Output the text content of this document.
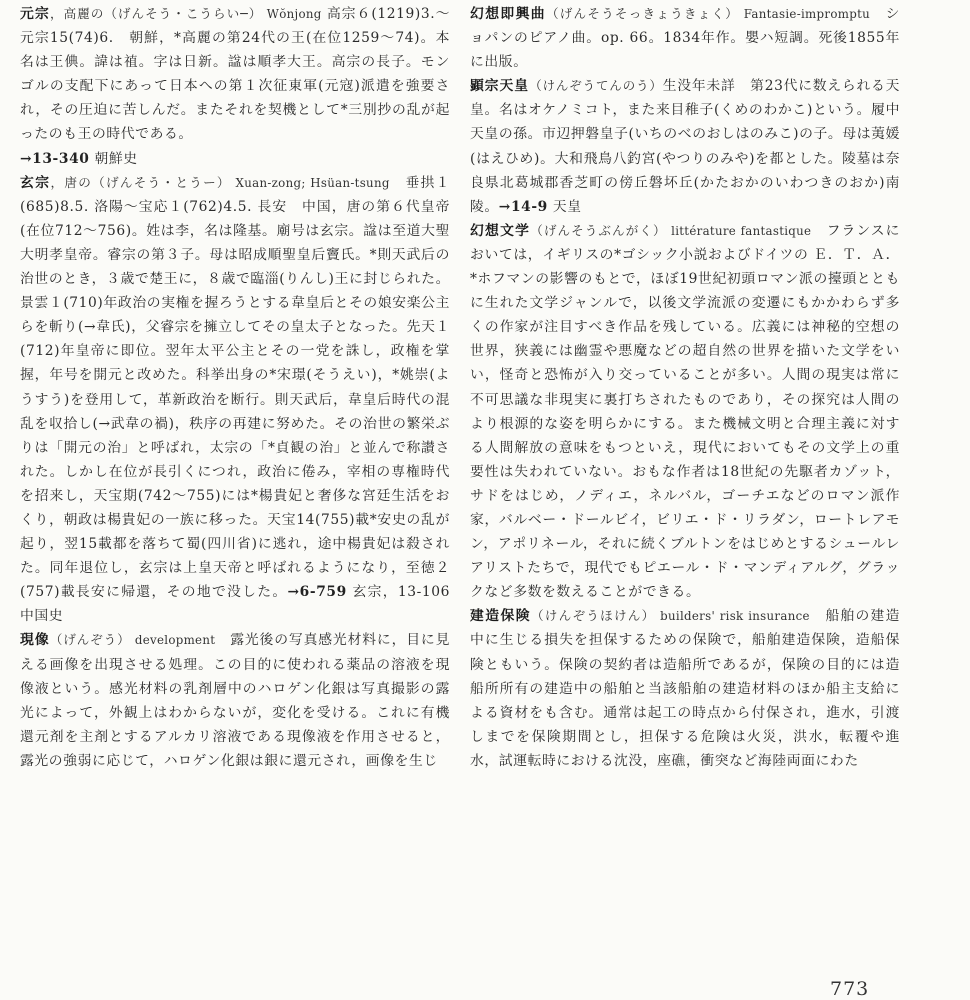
元宗，高麗の（げんそう・こうらい─） Wŏnjong 高宗６(1219)3.～元宗15(74)6.　朝鮮，*高麗の第24代の王(在位1259～74)。本名は王倎。諱は禃。字は日新。諡は順孝大王。高宗の長子。モンゴルの支配下にあって日本への第１次征東軍(元寇)派遣を強要され，その圧迫に苦しんだ。またそれを契機として*三別抄の乱が起ったのも王の時代である。
→13-340 朝鮮史

玄宗，唐の（げんそう・とうー） Xuan-zong; Hsüan-tsung　垂拱１(685)8.5. 洛陽～宝応１(762)4.5. 長安　中国，唐の第６代皇帝(在位712～756)。姓は李，名は隆基。廟号は玄宗。諡は至道大聖大明孝皇帝。睿宗の第３子。母は昭成順聖皇后竇氏。*則天武后の治世のとき，３歳で楚王に，８歳で臨淄(りんし)王に封じられた。景雲１(710)年政治の実権を握ろうとする韋皇后とその娘安楽公主らを斬り(→韋氏)，父睿宗を擁立してその皇太子となった。先天１(712)年皇帝に即位。翌年太平公主とその一党を誅し，政権を掌握，年号を開元と改めた。科挙出身の*宋璟(そうえい)，*姚崇(ようすう)を登用して，革新政治を断行。則天武后，韋皇后時代の混乱を収拾し(→武韋の禍)，秩序の再建に努めた。その治世の繁栄ぶりは「開元の治」と呼ばれ，太宗の「*貞観の治」と並んで称讃された。しかし在位が長引くにつれ，政治に倦み，宰相の専権時代を招来し，天宝期(742～755)には*楊貴妃と奢侈な宮廷生活をおくり，朝政は楊貴妃の一族に移った。天宝14(755)載*安史の乱が起り，翌15載都を落ちて蜀(四川省)に逃れ，途中楊貴妃は殺された。同年退位し，玄宗は上皇天帝と呼ばれるようになり，至徳２(757)載長安に帰還，その地で没した。→6-759 玄宗，13-106 中国史

現像（げんぞう） development　露光後の写真感光材料に，目に見える画像を出現させる処理。この目的に使われる薬品の溶液を現像液という。感光材料の乳剤層中のハロゲン化銀は写真撮影の露光によって，外観上はわからないが，変化を受ける。これに有機還元剤を主剤とするアルカリ溶液である現像液を作用させると，露光の強弱に応じて，ハロゲン化銀は銀に還元され，画像を生じ

幻想即興曲（げんそうそっきょうきょく） Fantasie-impromptu　ショパンのピアノ曲。op. 66。1834年作。嬰ハ短調。死後1855年に出版。

顕宗天皇（けんぞうてんのう）生没年未詳　第23代に数えられる天皇。名はオケノミコト，また来目稚子(くめのわかこ)という。履中天皇の孫。市辺押磐皇子(いちのべのおしはのみこ)の子。母は荑媛(はえひめ)。大和飛鳥八釣宮(やつりのみや)を都とした。陵墓は奈良県北葛城郡香芝町の傍丘磐坏丘(かたおかのいわつきのおか)南陵。→14-9 天皇

幻想文学（げんそうぶんがく） littérature fantastique　フランスにおいては，イギリスの*ゴシック小説およびドイツの Ｅ．Ｔ．Ａ．*ホフマンの影響のもとで，ほぼ19世紀初頭ロマン派の擡頭とともに生れた文学ジャンルで，以後文学流派の変遷にもかかわらず多くの作家が注目すべき作品を残している。広義には神秘的空想の世界，狭義には幽霊や悪魔などの超自然の世界を描いた文学をいい，怪奇と恐怖が入り交っていることが多い。人間の現実は常に不可思議な非現実に裏打ちされたものであり，その探究は人間のより根源的な姿を明らかにする。また機械文明と合理主義に対する人間解放の意味をもつといえ，現代においてもその文学上の重要性は失われていない。おもな作者は18世紀の先駆者カゾット，サドをはじめ，ノディエ，ネルバル，ゴーチエなどのロマン派作家，バルベー・ドールビイ，ビリエ・ド・リラダン，ロートレアモン，アポリネール，それに続くブルトンをはじめとするシュールレアリストたちで，現代でもピエール・ド・マンディアルグ，グラックなど多数を数えることができる。

建造保険（けんぞうほけん） builders' risk insurance　船舶の建造中に生じる損失を担保するための保険で，船舶建造保険，造船保険ともいう。保険の契約者は造船所であるが，保険の目的には造船所所有の建造中の船舶と当該船舶の建造材料のほか船主支給による資材をも含む。通常は起工の時点から付保され，進水，引渡しまでを保険期間とし，担保する危険は火災，洪水，転覆や進水，試運転時における沈没，座礁，衝突など海陸両面にわた

773
